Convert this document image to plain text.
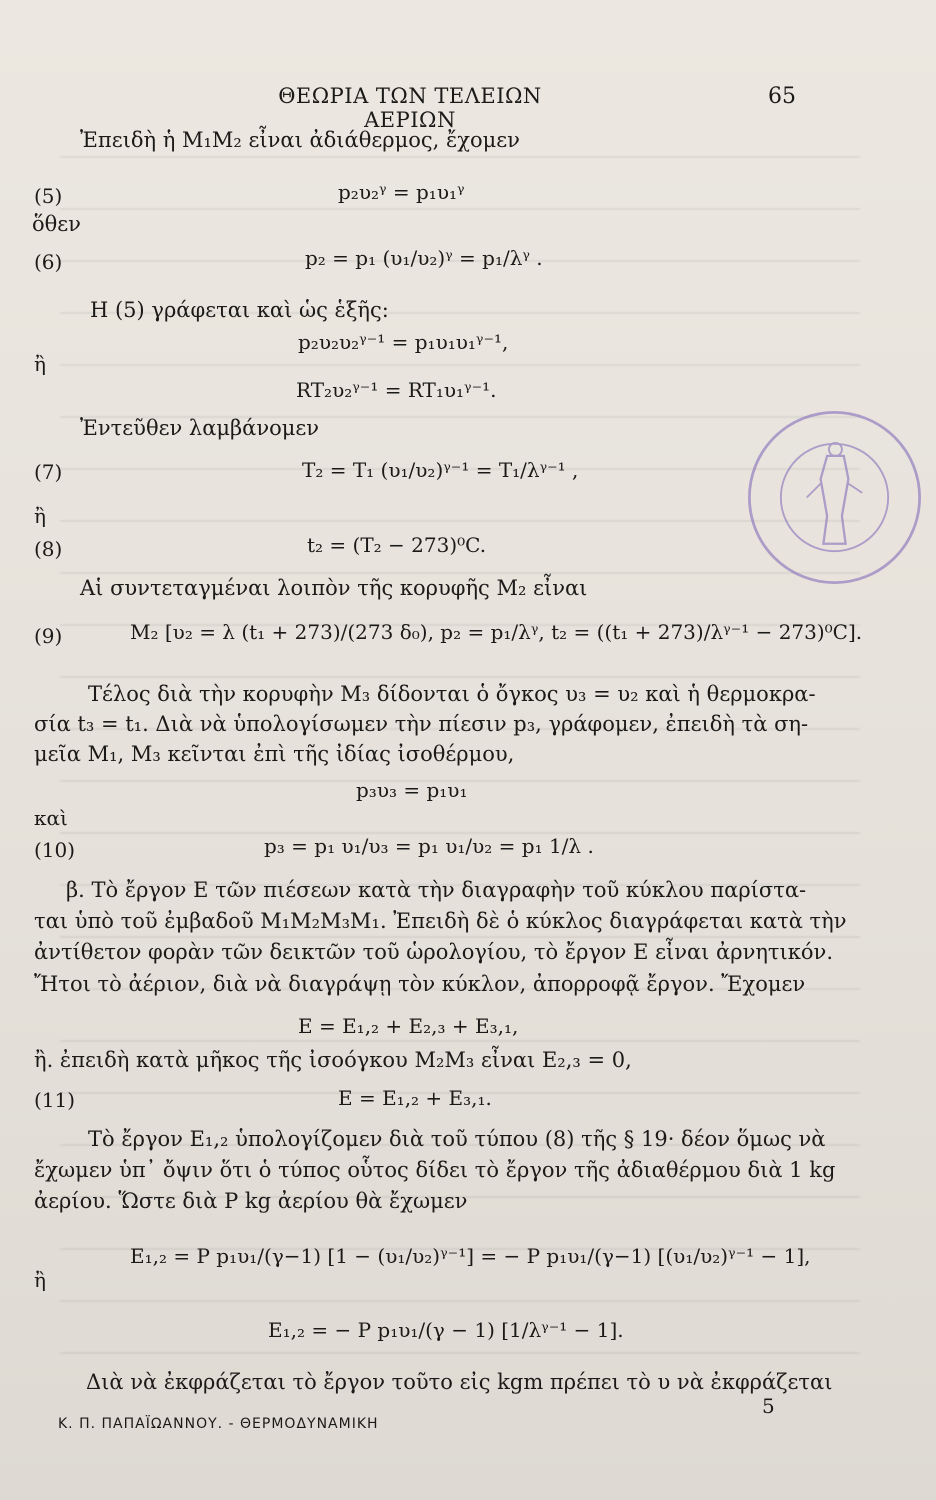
ΘΕΩΡΙΑ ΤΩΝ ΤΕΛΕΙΩΝ ΑΕΡΙΩΝ
65
Ἐπειδὴ ἡ M₁M₂ εἶναι ἀδιάθερμος, ἔχομεν
(5)	p₂υ₂ᵞ = p₁υ₁ᵞ
ὅθεν
(6)	p₂ = p₁ (υ₁/υ₂)ᵞ = p₁/λᵞ .
Η (5) γράφεται καὶ ὡς ἑξῆς:
p₂υ₂υ₂ᵞ⁻¹ = p₁υ₁υ₁ᵞ⁻¹,
ἢ
RT₂υ₂ᵞ⁻¹ = RT₁υ₁ᵞ⁻¹.
Ἐντεῦθεν λαμβάνομεν
(7)	T₂ = T₁ (υ₁/υ₂)ᵞ⁻¹ = T₁/λᵞ⁻¹ ,
ἢ
(8)	t₂ = (T₂ − 273)⁰C.
Αἱ συντεταγμέναι λοιπὸν τῆς κορυφῆς M₂ εἶναι
(9)	M₂ [υ₂ = λ (t₁ + 273)/(273 δ₀), p₂ = p₁/λᵞ, t₂ = ((t₁ + 273)/λᵞ⁻¹ − 273)⁰C].
Τέλος διὰ τὴν κορυφὴν M₃ δίδονται ὁ ὄγκος υ₃ = υ₂ καὶ ἡ θερμοκρα-
σία t₃ = t₁. Διὰ νὰ ὑπολογίσωμεν τὴν πίεσιν p₃, γράφομεν, ἐπειδὴ τὰ ση-
μεῖα M₁, M₃ κεῖνται ἐπὶ τῆς ἰδίας ἰσοθέρμου,
p₃υ₃ = p₁υ₁
καὶ
(10)	p₃ = p₁ υ₁/υ₃ = p₁ υ₁/υ₂ = p₁ 1/λ .
β. Τὸ ἔργον E τῶν πιέσεων κατὰ τὴν διαγραφὴν τοῦ κύκλου παρίστα-
ται ὑπὸ τοῦ ἐμβαδοῦ M₁M₂M₃M₁. Ἐπειδὴ δὲ ὁ κύκλος διαγράφεται κατὰ τὴν
ἀντίθετον φορὰν τῶν δεικτῶν τοῦ ὡρολογίου, τὸ ἔργον E εἶναι ἀρνητικόν.
Ἤτοι τὸ ἀέριον, διὰ νὰ διαγράψῃ τὸν κύκλον, ἀπορροφᾷ ἔργον. Ἔχομεν
E = E₁,₂ + E₂,₃ + E₃,₁,
ἢ. ἐπειδὴ κατὰ μῆκος τῆς ἰσοόγκου M₂M₃ εἶναι E₂,₃ = 0,
(11)	E = E₁,₂ + E₃,₁.
Τὸ ἔργον E₁,₂ ὑπολογίζομεν διὰ τοῦ τύπου (8) τῆς § 19· δέον ὅμως νὰ
ἔχωμεν ὑπ᾽ ὄψιν ὅτι ὁ τύπος οὗτος δίδει τὸ ἔργον τῆς ἀδιαθέρμου διὰ 1 kg
ἀερίου. Ὥστε διὰ P kg ἀερίου θὰ ἔχωμεν
E₁,₂ = P p₁υ₁/(γ−1) [1 − (υ₁/υ₂)ᵞ⁻¹] = − P p₁υ₁/(γ−1) [(υ₁/υ₂)ᵞ⁻¹ − 1],
ἢ
E₁,₂ = − P p₁υ₁/(γ − 1) [1/λᵞ⁻¹ − 1].
Διὰ νὰ ἐκφράζεται τὸ ἔργον τοῦτο εἰς kgm πρέπει τὸ υ νὰ ἐκφράζεται
Κ. Π. ΠΑΠΑΪΩΑΝΝΟΥ. - ΘΕΡΜΟΔΥΝΑΜΙΚΗ
5
